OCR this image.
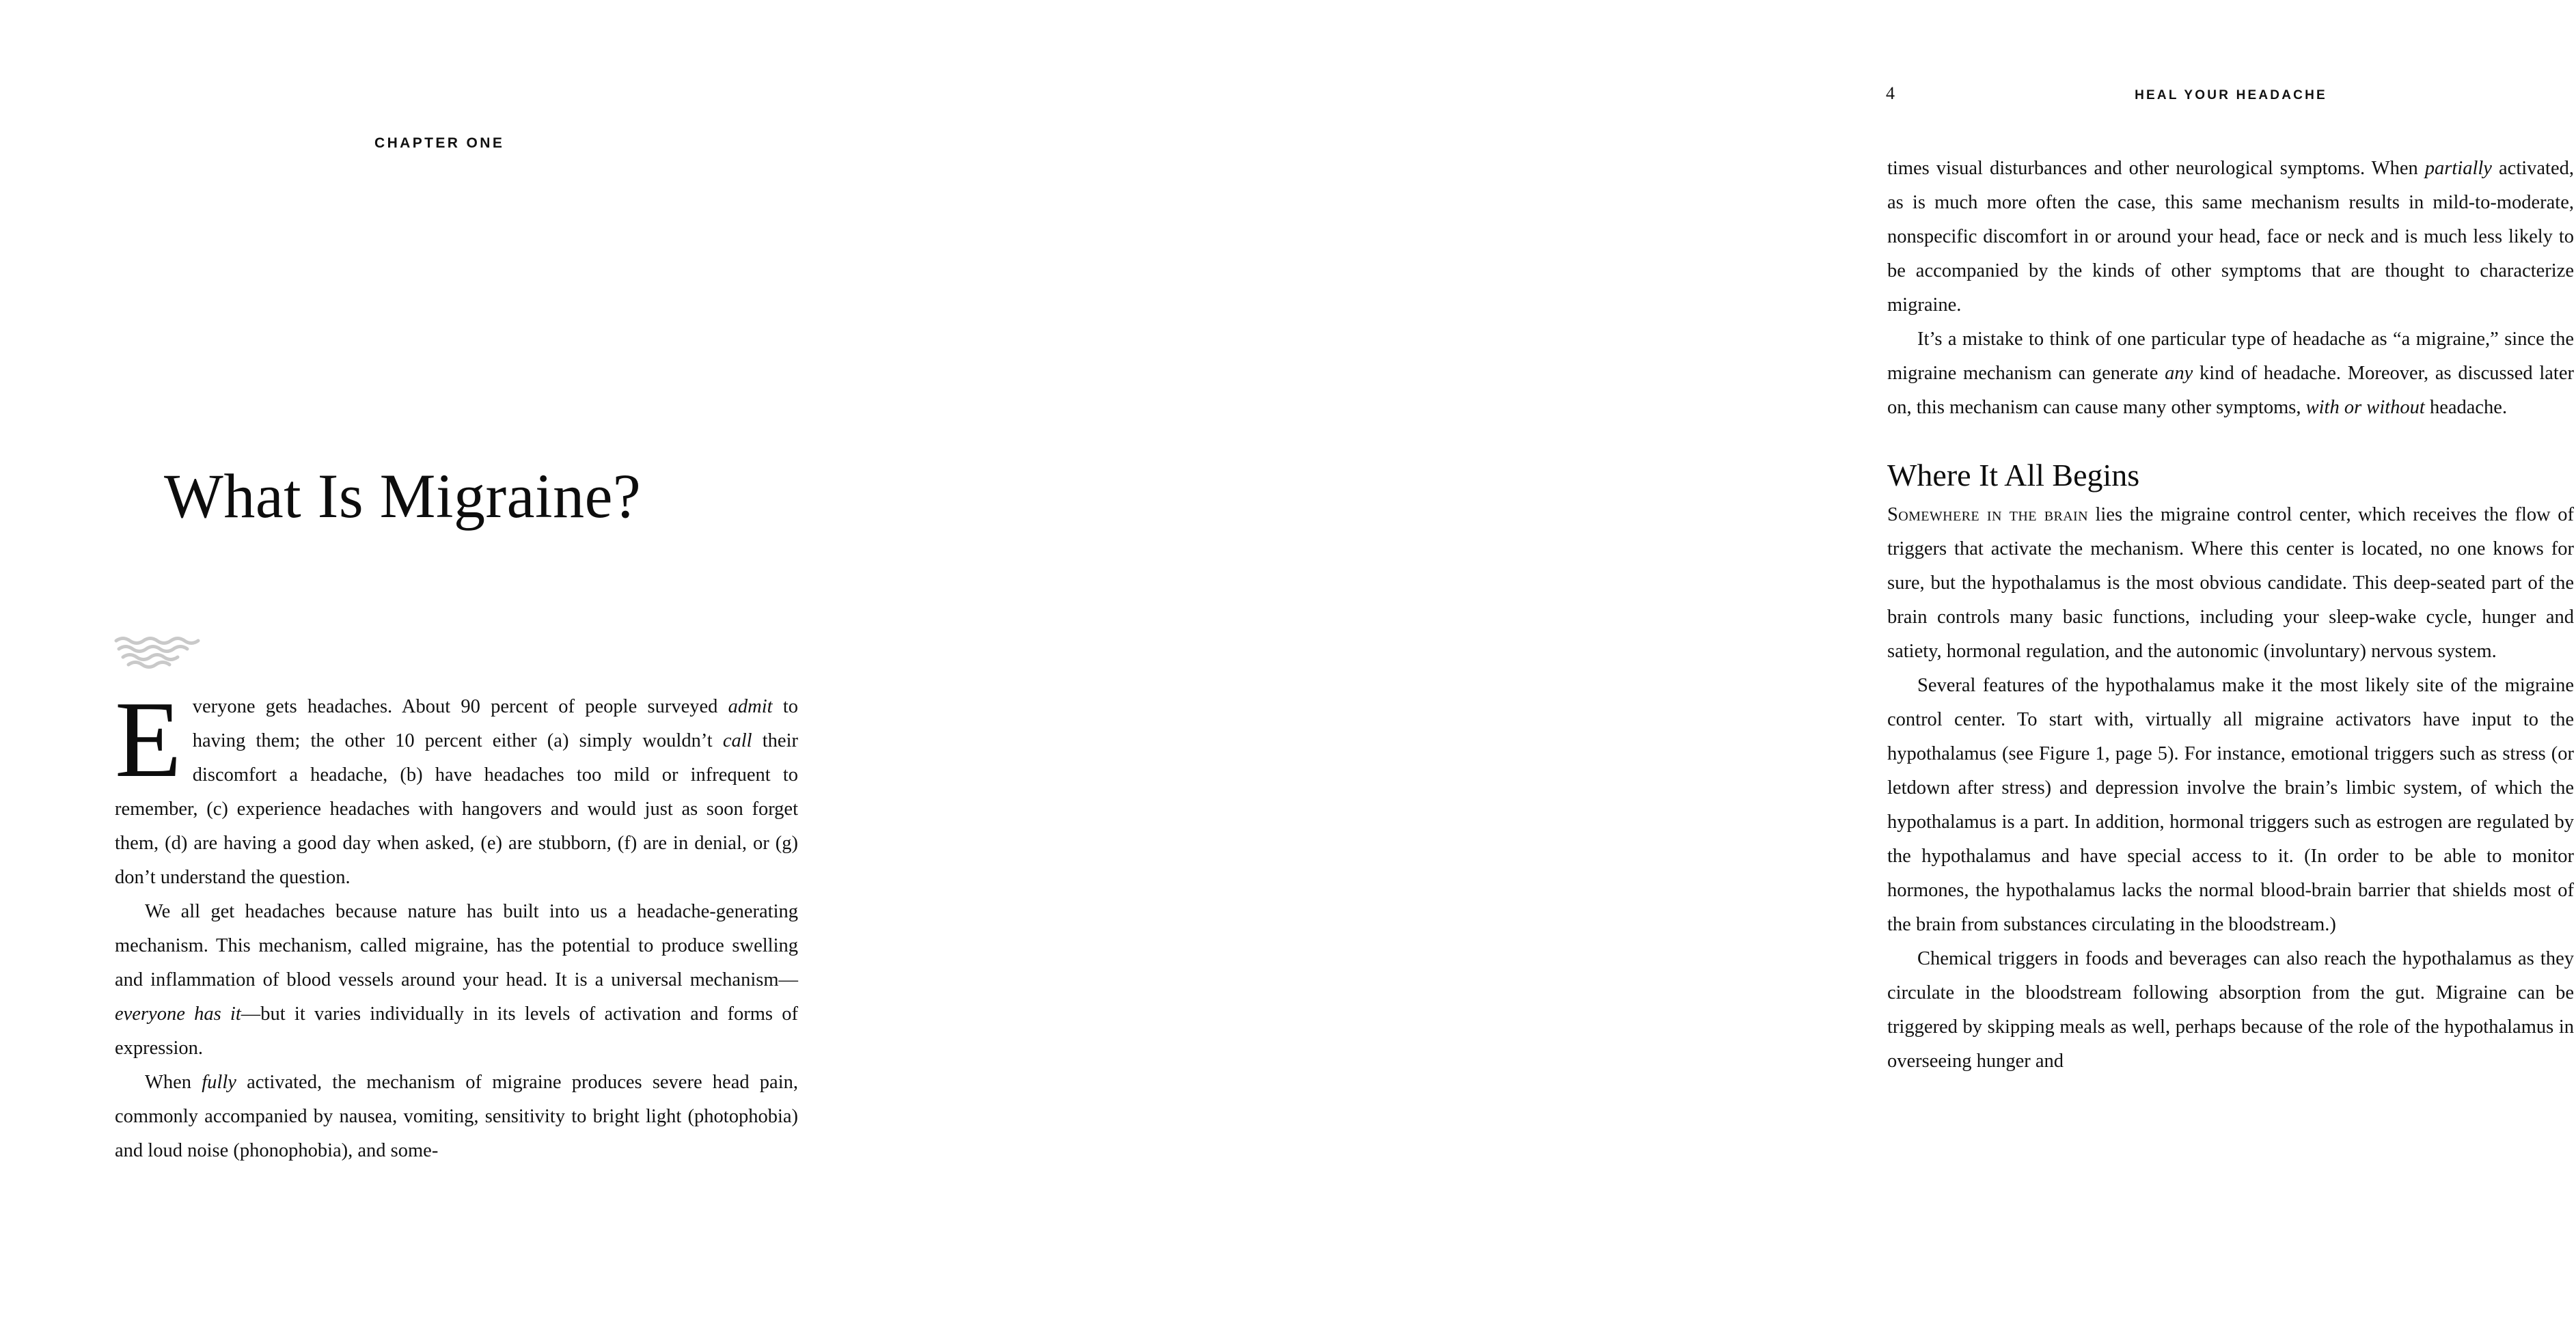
CHAPTER ONE
What Is Migraine?

Everyone gets headaches. About 90 percent of people surveyed admit to having them; the other 10 percent either (a) simply wouldn’t call their discomfort a headache, (b) have headaches too mild or infrequent to remember, (c) experience headaches with hangovers and would just as soon forget them, (d) are having a good day when asked, (e) are stubborn, (f) are in denial, or (g) don’t understand the question.

We all get headaches because nature has built into us a headache-generating mechanism. This mechanism, called migraine, has the potential to produce swelling and inflammation of blood vessels around your head. It is a universal mechanism—everyone has it—but it varies individually in its levels of activation and forms of expression.

When fully activated, the mechanism of migraine produces severe head pain, commonly accompanied by nausea, vomiting, sensitivity to bright light (photophobia) and loud noise (phonophobia), and some-

4	HEAL YOUR HEADACHE

times visual disturbances and other neurological symptoms. When partially activated, as is much more often the case, this same mechanism results in mild-to-moderate, nonspecific discomfort in or around your head, face or neck and is much less likely to be accompanied by the kinds of other symptoms that are thought to characterize migraine.

It’s a mistake to think of one particular type of headache as “a migraine,” since the migraine mechanism can generate any kind of headache. Moreover, as discussed later on, this mechanism can cause many other symptoms, with or without headache.

Where It All Begins

Somewhere in the brain lies the migraine control center, which receives the flow of triggers that activate the mechanism. Where this center is located, no one knows for sure, but the hypothalamus is the most obvious candidate. This deep-seated part of the brain controls many basic functions, including your sleep-wake cycle, hunger and satiety, hormonal regulation, and the autonomic (involuntary) nervous system.

Several features of the hypothalamus make it the most likely site of the migraine control center. To start with, virtually all migraine activators have input to the hypothalamus (see Figure 1, page 5). For instance, emotional triggers such as stress (or letdown after stress) and depression involve the brain’s limbic system, of which the hypothalamus is a part. In addition, hormonal triggers such as estrogen are regulated by the hypothalamus and have special access to it. (In order to be able to monitor hormones, the hypothalamus lacks the normal blood-brain barrier that shields most of the brain from substances circulating in the bloodstream.)

Chemical triggers in foods and beverages can also reach the hypothalamus as they circulate in the bloodstream following absorption from the gut. Migraine can be triggered by skipping meals as well, perhaps because of the role of the hypothalamus in overseeing hunger and
